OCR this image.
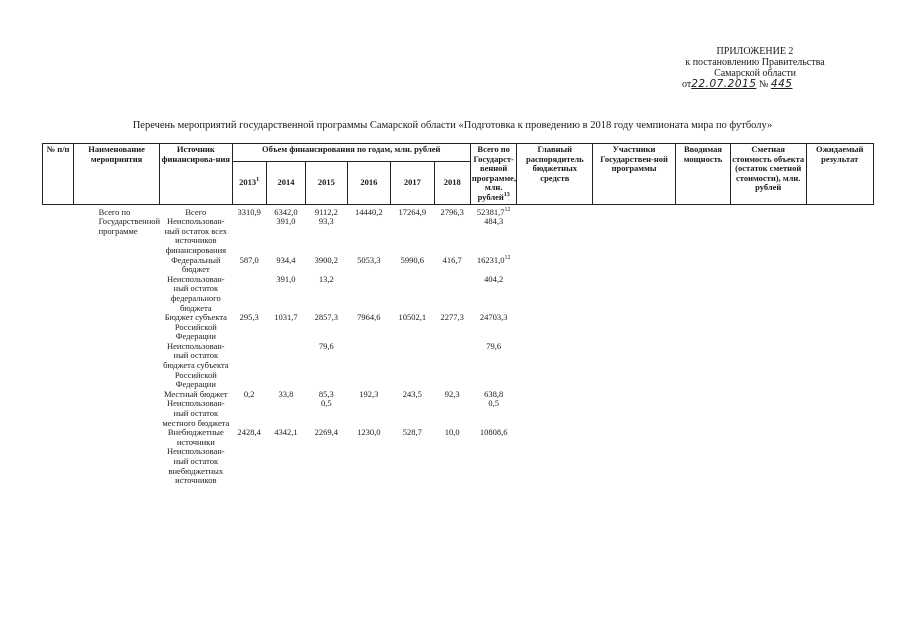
ПРИЛОЖЕНИЕ 2
к постановлению Правительства
Самарской области
от22.07.2015 № 445
Перечень мероприятий государственной программы Самарской области «Подготовка к проведению в 2018 году чемпионата мира по футболу»
№ п/п	Наименование мероприятия	Источник финансирова-ния	Объем финансирования по годам, млн. рублей						Всего по Государст-венной программе, млн. рублей$^{13}$	Главный распорядитель бюджетных средств	Участники Государствен-ной программы	Вводимая мощность	Сметная стоимость объекта (остаток сметной стоимости), млн. рублей	Ожидаемый результат
			2013$^1$	2014	2015	2016	2017	2018						
	Всего по Государственной программе	Всего	3310,9	6342,0	9112,2	14440,2	17264,9	2796,3	52381,7$^{12}$					
		Неиспользован-ный остаток всех источников финансирования		391,0	93,3				484,3					
		Федеральный бюджет	587,0	934,4	3900,2	5053,3	5990,6	416,7	16231,0$^{12}$					
		Неиспользован-ный остаток федерального бюджета		391,0	13,2				404,2					
		Бюджет субъекта Российской Федерации	295,3	1031,7	2857,3	7964,6	10502,1	2277,3	24703,3					
		Неиспользован-ный остаток бюджета субъекта Российской Федерации			79,6				79,6					
		Местный бюджет	0,2	33,8	85,3	192,3	243,5	92,3	638,8					
		Неиспользован-ный остаток местного бюджета			0,5				0,5					
		Внебюджетные источники	2428,4	4342,1	2269,4	1230,0	528,7	10,0	10808,6					
		Неиспользован-ный остаток внебюджетных источников												
